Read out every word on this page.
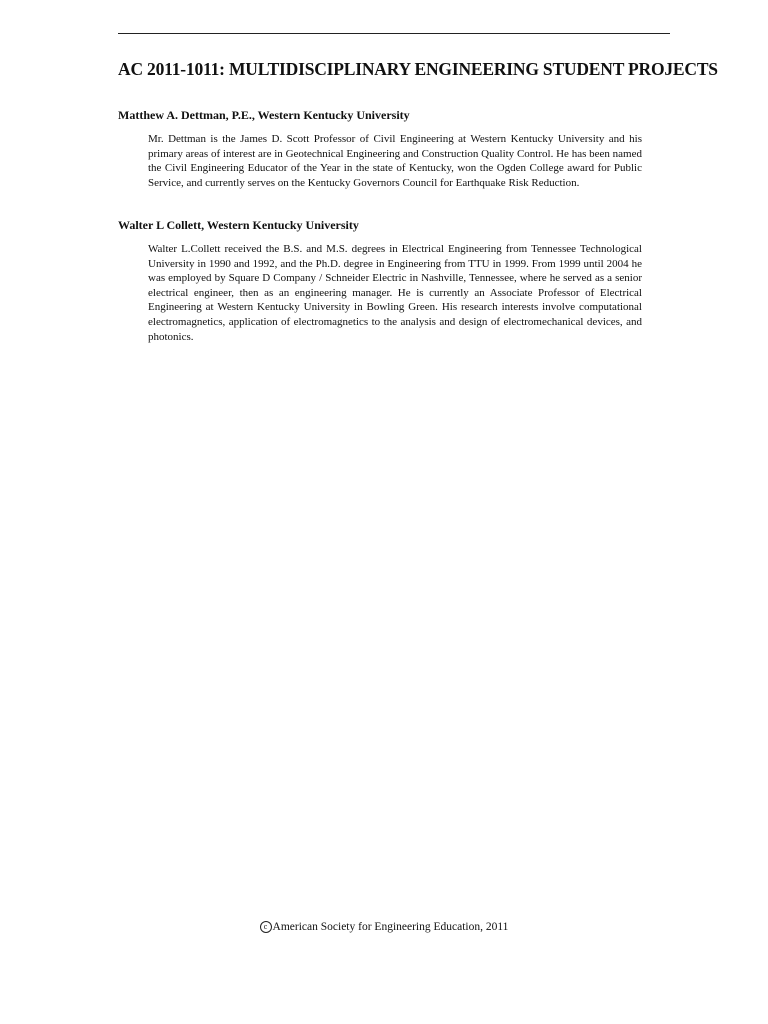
AC 2011-1011: MULTIDISCIPLINARY ENGINEERING STUDENT PROJECTS
Matthew A. Dettman, P.E., Western Kentucky University

Mr. Dettman is the James D. Scott Professor of Civil Engineering at Western Kentucky University and his primary areas of interest are in Geotechnical Engineering and Construction Quality Control. He has been named the Civil Engineering Educator of the Year in the state of Kentucky, won the Ogden College award for Public Service, and currently serves on the Kentucky Governors Council for Earthquake Risk Reduction.

Walter L Collett, Western Kentucky University

Walter L.Collett received the B.S. and M.S. degrees in Electrical Engineering from Tennessee Technological University in 1990 and 1992, and the Ph.D. degree in Engineering from TTU in 1999. From 1999 until 2004 he was employed by Square D Company / Schneider Electric in Nashville, Tennessee, where he served as a senior electrical engineer, then as an engineering manager. He is currently an Associate Professor of Electrical Engineering at Western Kentucky University in Bowling Green. His research interests involve computational electromagnetics, application of electromagnetics to the analysis and design of electromechanical devices, and photonics.

c American Society for Engineering Education, 2011
